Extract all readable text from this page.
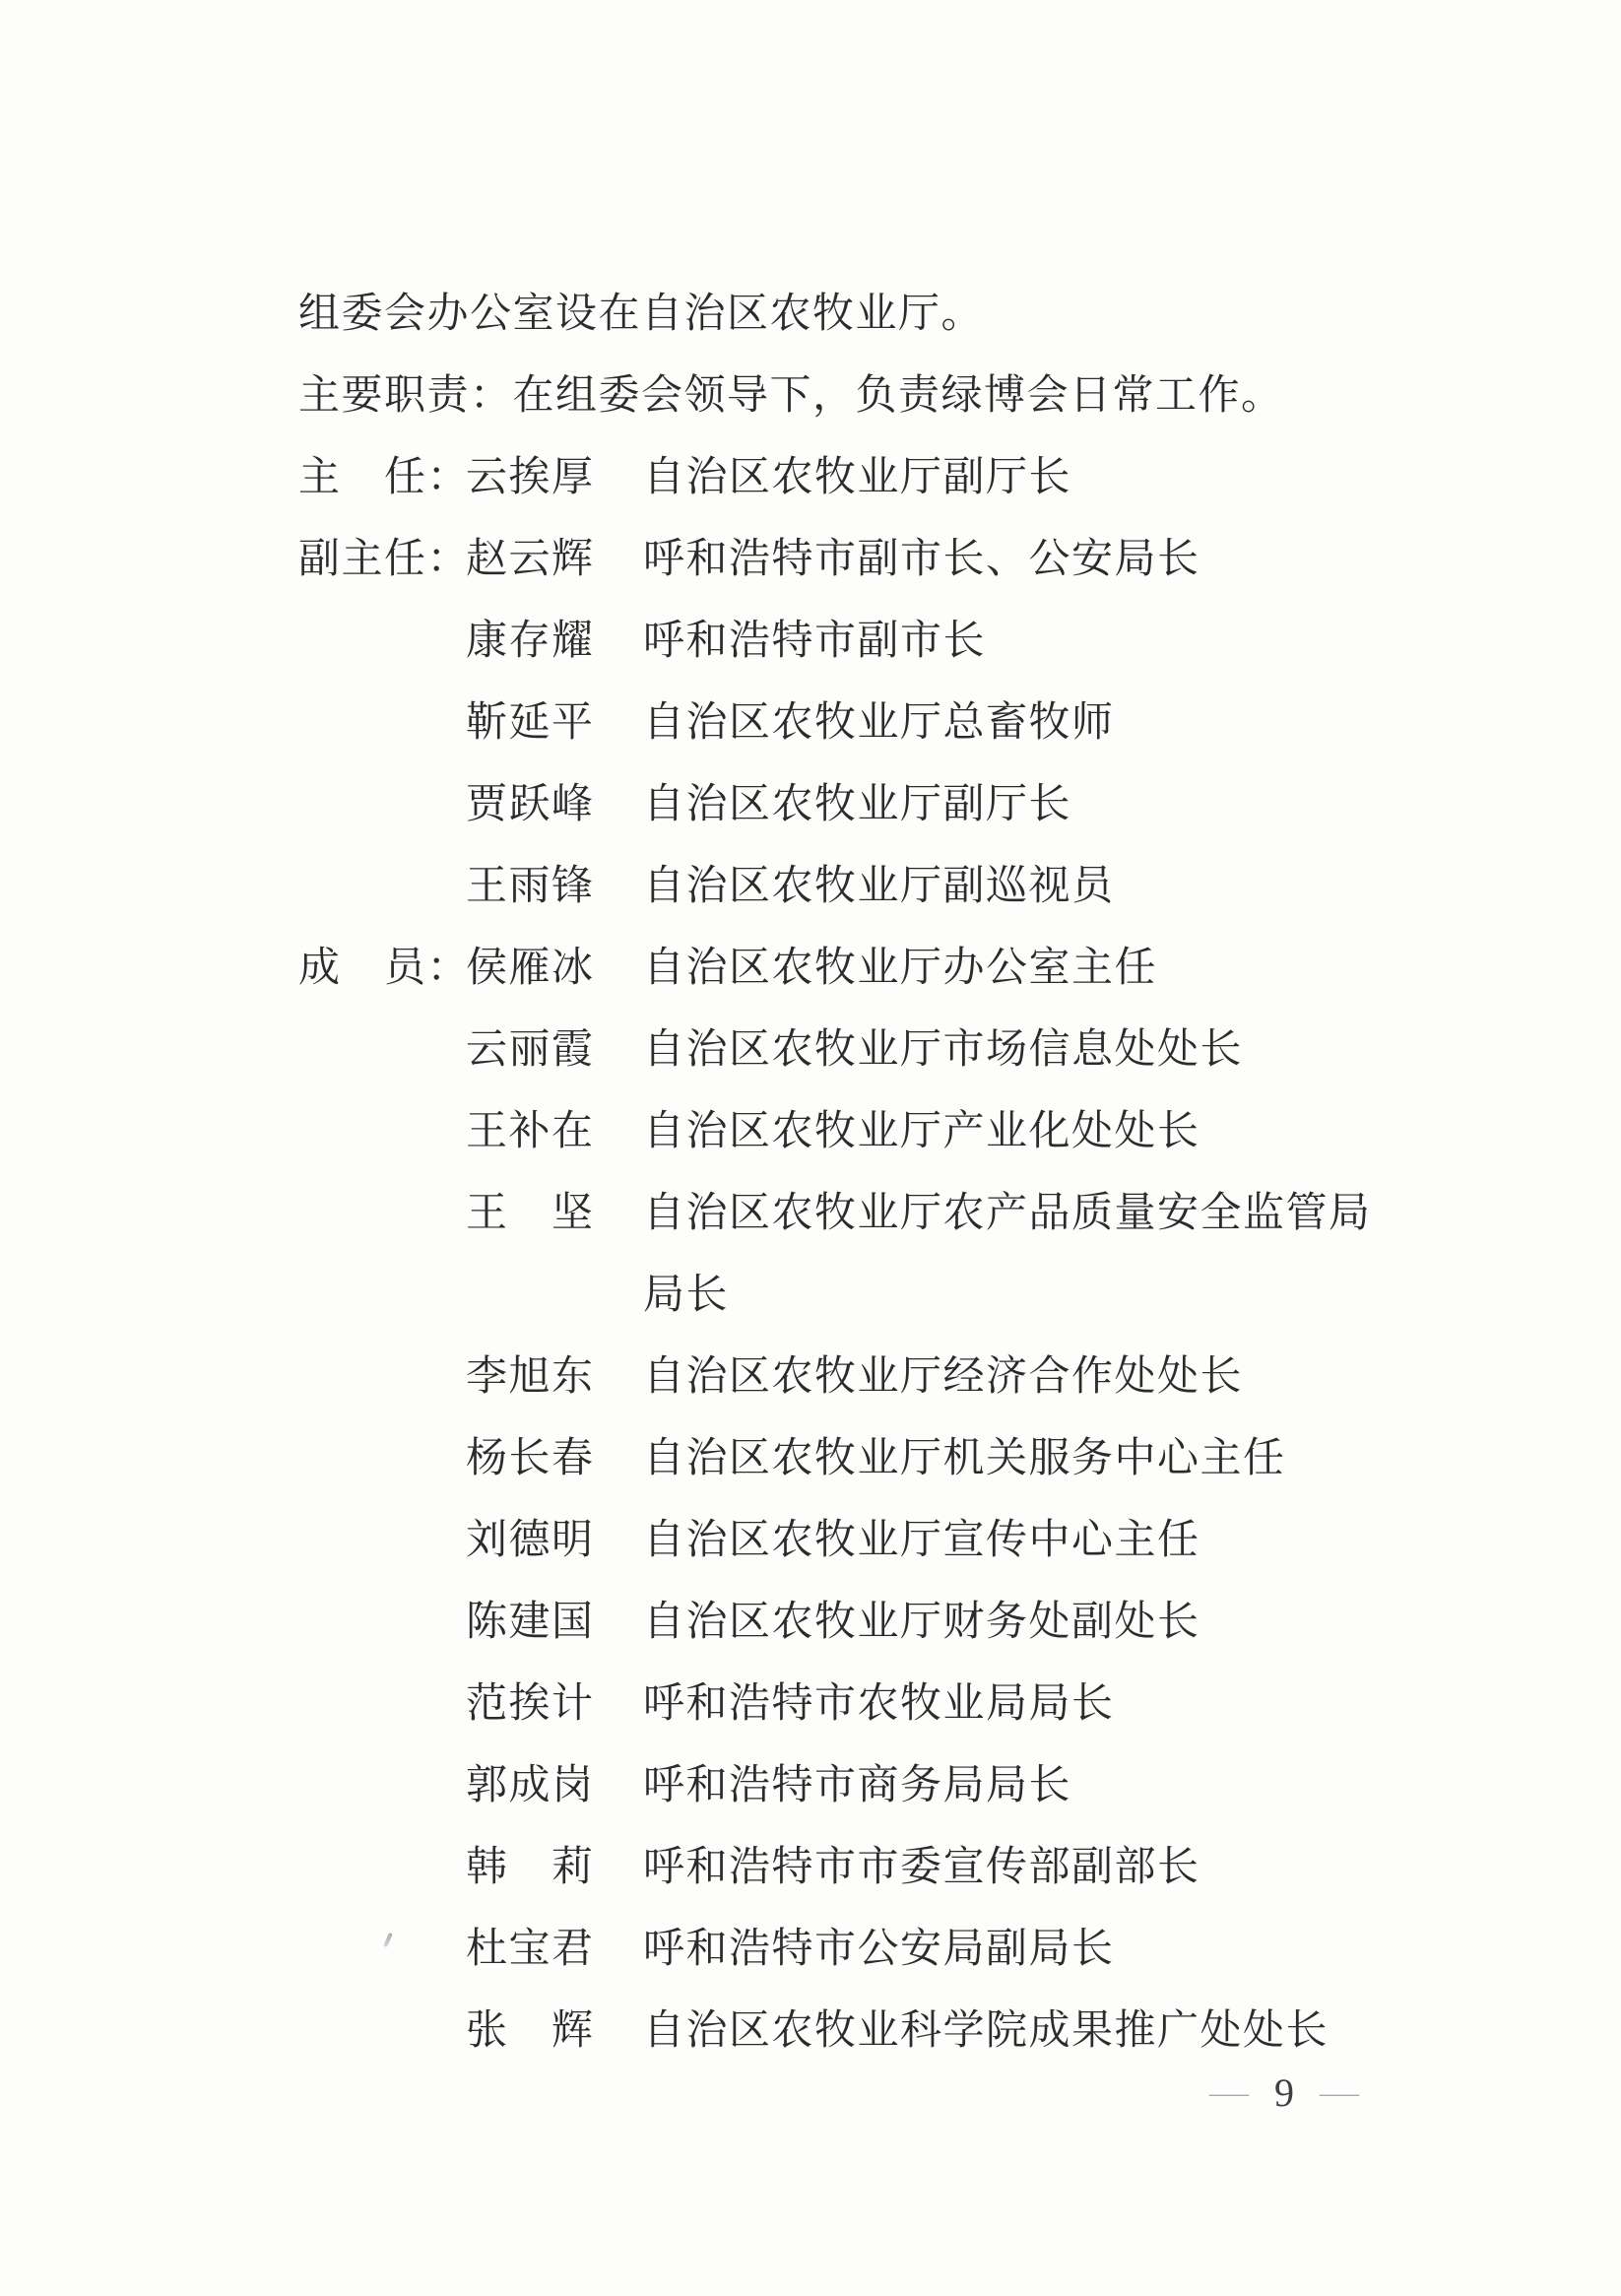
组委会办公室设在自治区农牧业厅。
主要职责：在组委会领导下，负责绿博会日常工作。
主　任：
云挨厚	自治区农牧业厅副厅长
副主任：
赵云辉	呼和浩特市副市长、公安局长
康存耀	呼和浩特市副市长
靳延平	自治区农牧业厅总畜牧师
贾跃峰	自治区农牧业厅副厅长
王雨锋	自治区农牧业厅副巡视员
成　员：
侯雁冰	自治区农牧业厅办公室主任
云丽霞	自治区农牧业厅市场信息处处长
王补在	自治区农牧业厅产业化处处长
王　坚	自治区农牧业厅农产品质量安全监管局局长
李旭东	自治区农牧业厅经济合作处处长
杨长春	自治区农牧业厅机关服务中心主任
刘德明	自治区农牧业厅宣传中心主任
陈建国	自治区农牧业厅财务处副处长
范挨计	呼和浩特市农牧业局局长
郭成岗	呼和浩特市商务局局长
韩　莉	呼和浩特市市委宣传部副部长
杜宝君	呼和浩特市公安局副局长
张　辉	自治区农牧业科学院成果推广处处长
— 9 —
